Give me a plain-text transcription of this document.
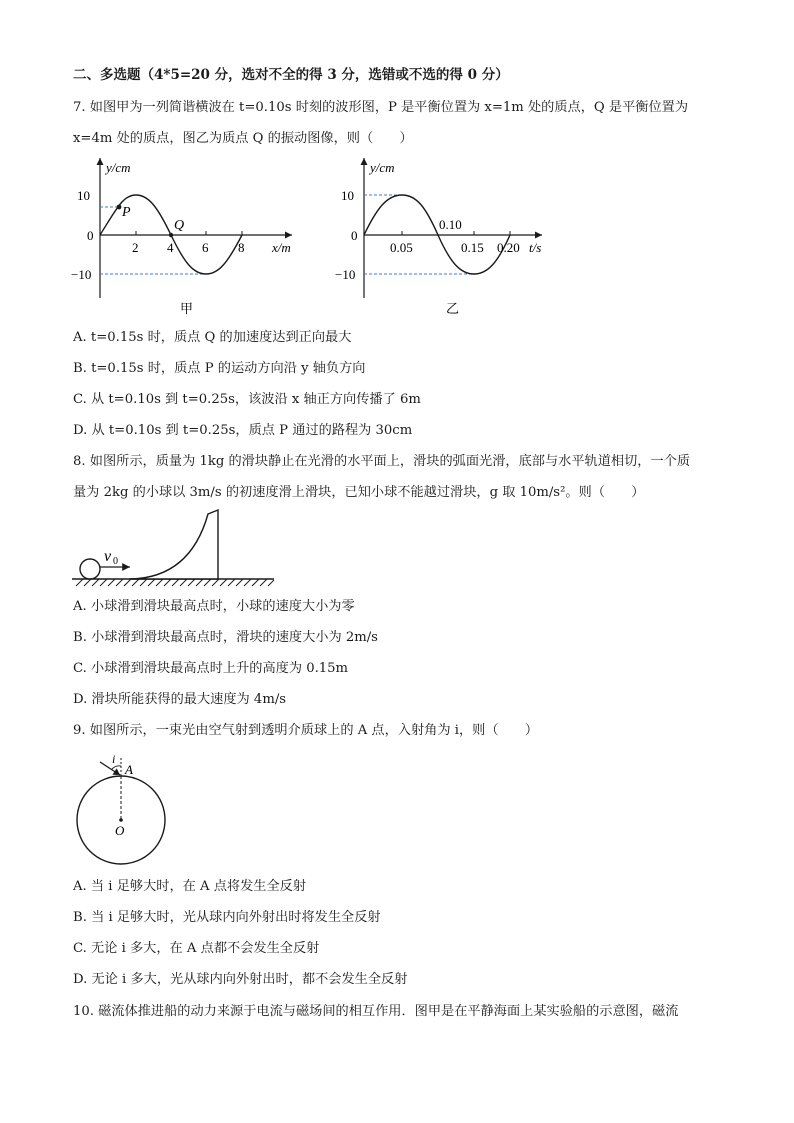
二、多选题（4*5=20 分，选对不全的得 3 分，选错或不选的得 0 分）
7. 如图甲为一列简谐横波在 t=0.10s 时刻的波形图，P 是平衡位置为 x=1m 处的质点，Q 是平衡位置为
x=4m 处的质点，图乙为质点 Q 的振动图像，则（　　）
y/cm
10
0
−10
2 4 6 8 x/m
P
Q
甲
y/cm
10
0
−10
0.05
0.10
0.15 0.20 t/s
乙
A. t=0.15s 时，质点 Q 的加速度达到正向最大
B. t=0.15s 时，质点 P 的运动方向沿 y 轴负方向
C. 从 t=0.10s 到 t=0.25s，该波沿 x 轴正方向传播了 6m
D. 从 t=0.10s 到 t=0.25s，质点 P 通过的路程为 30cm
8. 如图所示，质量为 1kg 的滑块静止在光滑的水平面上，滑块的弧面光滑，底部与水平轨道相切，一个质
量为 2kg 的小球以 3m/s 的初速度滑上滑块，已知小球不能越过滑块，g 取 10m/s²。则（　　）
v 0
A. 小球滑到滑块最高点时，小球的速度大小为零
B. 小球滑到滑块最高点时，滑块的速度大小为 2m/s
C. 小球滑到滑块最高点时上升的高度为 0.15m
D. 滑块所能获得的最大速度为 4m/s
9. 如图所示，一束光由空气射到透明介质球上的 A 点，入射角为 i，则（　　）
i
A
O
A. 当 i 足够大时，在 A 点将发生全反射
B. 当 i 足够大时，光从球内向外射出时将发生全反射
C. 无论 i 多大，在 A 点都不会发生全反射
D. 无论 i 多大，光从球内向外射出时，都不会发生全反射
10. 磁流体推进船的动力来源于电流与磁场间的相互作用．图甲是在平静海面上某实验船的示意图，磁流
